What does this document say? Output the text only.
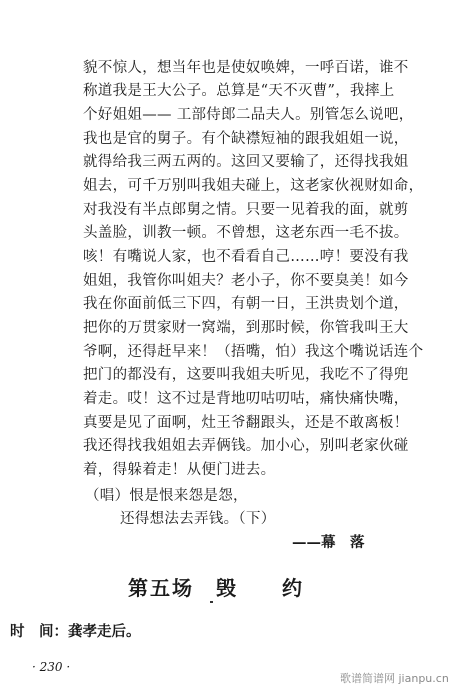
貌不惊人，想当年也是使奴唤婢，一呼百诺，谁不
称道我是王大公子。总算是“天不灭曹”，我摔上
个好姐姐—— 工部侍郎二品夫人。别管怎么说吧，
我也是官的舅子。有个缺襟短袖的跟我姐姐一说，
就得给我三两五两的。这回又要输了，还得找我姐
姐去，可千万别叫我姐夫碰上，这老家伙视财如命，
对我没有半点郎舅之情。只要一见着我的面，就剪
头盖脸，训教一顿。不曾想，这老东西一毛不拔。
咳！有嘴说人家，也不看看自己……哼！要没有我
姐姐，我管你叫姐夫？老小子，你不要臭美！如今
我在你面前低三下四，有朝一日，王洪贵划个道，
把你的万贯家财一窝端，到那时候，你管我叫王大
爷啊，还得赶早来！（捂嘴，怕）我这个嘴说话连个
把门的都没有，这要叫我姐夫听见，我吃不了得兜
着走。哎！这不过是背地叨咕叨咕，痛快痛快嘴，
真要是见了面啊，灶王爷翻跟头，还是不敢离板！
我还得找我姐姐去弄俩钱。加小心，别叫老家伙碰
着，得躲着走！从便门进去。
（唱）恨是恨来怨是怨，
还得想法去弄钱。（下）
——幕　落
第五场　毁　　约
时　间：龚孝走后。
· 230 ·
歌谱简谱网 jianpu.cn
